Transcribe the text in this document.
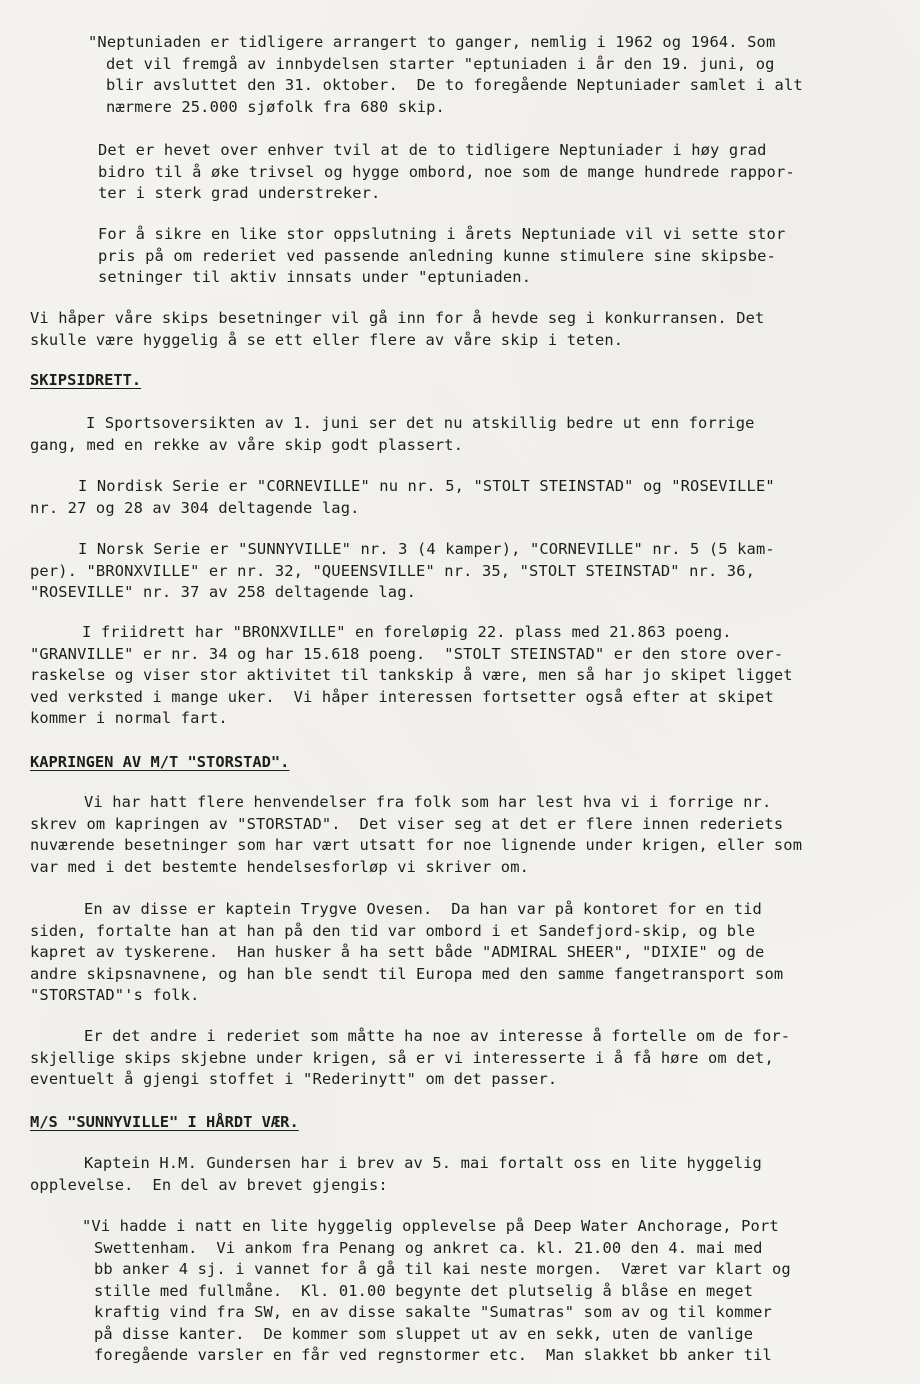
"Neptuniaden er tidligere arrangert to ganger, nemlig i 1962 og 1964. Som
det vil fremgå av innbydelsen starter "eptuniaden i år den 19. juni, og
blir avsluttet den 31. oktober.  De to foregående Neptuniader samlet i alt
nærmere 25.000 sjøfolk fra 680 skip.

Det er hevet over enhver tvil at de to tidligere Neptuniader i høy grad
bidro til å øke trivsel og hygge ombord, noe som de mange hundrede rappor-
ter i sterk grad understreker.

For å sikre en like stor oppslutning i årets Neptuniade vil vi sette stor
pris på om rederiet ved passende anledning kunne stimulere sine skipsbe-
setninger til aktiv innsats under "eptuniaden.

Vi håper våre skips besetninger vil gå inn for å hevde seg i konkurransen. Det
skulle være hyggelig å se ett eller flere av våre skip i teten.

SKIPSIDRETT.

I Sportsoversikten av 1. juni ser det nu atskillig bedre ut enn forrige
gang, med en rekke av våre skip godt plassert.

I Nordisk Serie er "CORNEVILLE" nu nr. 5, "STOLT STEINSTAD" og "ROSEVILLE"
nr. 27 og 28 av 304 deltagende lag.

I Norsk Serie er "SUNNYVILLE" nr. 3 (4 kamper), "CORNEVILLE" nr. 5 (5 kam-
per). "BRONXVILLE" er nr. 32, "QUEENSVILLE" nr. 35, "STOLT STEINSTAD" nr. 36,
"ROSEVILLE" nr. 37 av 258 deltagende lag.

I friidrett har "BRONXVILLE" en foreløpig 22. plass med 21.863 poeng.
"GRANVILLE" er nr. 34 og har 15.618 poeng.  "STOLT STEINSTAD" er den store over-
raskelse og viser stor aktivitet til tankskip å være, men så har jo skipet ligget
ved verksted i mange uker.  Vi håper interessen fortsetter også efter at skipet
kommer i normal fart.

KAPRINGEN AV M/T "STORSTAD".

Vi har hatt flere henvendelser fra folk som har lest hva vi i forrige nr.
skrev om kapringen av "STORSTAD".  Det viser seg at det er flere innen rederiets
nuværende besetninger som har vært utsatt for noe lignende under krigen, eller som
var med i det bestemte hendelsesforløp vi skriver om.

En av disse er kaptein Trygve Ovesen.  Da han var på kontoret for en tid
siden, fortalte han at han på den tid var ombord i et Sandefjord-skip, og ble
kapret av tyskerene.  Han husker å ha sett både "ADMIRAL SHEER", "DIXIE" og de
andre skipsnavnene, og han ble sendt til Europa med den samme fangetransport som
"STORSTAD"'s folk.

Er det andre i rederiet som måtte ha noe av interesse å fortelle om de for-
skjellige skips skjebne under krigen, så er vi interesserte i å få høre om det,
eventuelt å gjengi stoffet i "Rederinytt" om det passer.

M/S "SUNNYVILLE" I HÅRDT VÆR.

Kaptein H.M. Gundersen har i brev av 5. mai fortalt oss en lite hyggelig
opplevelse.  En del av brevet gjengis:

"Vi hadde i natt en lite hyggelig opplevelse på Deep Water Anchorage, Port
Swettenham.  Vi ankom fra Penang og ankret ca. kl. 21.00 den 4. mai med
bb anker 4 sj. i vannet for å gå til kai neste morgen.  Været var klart og
stille med fullmåne.  Kl. 01.00 begynte det plutselig å blåse en meget
kraftig vind fra SW, en av disse sakalte "Sumatras" som av og til kommer
på disse kanter.  De kommer som sluppet ut av en sekk, uten de vanlige
foregående varsler en får ved regnstormer etc.  Man slakket bb anker til
